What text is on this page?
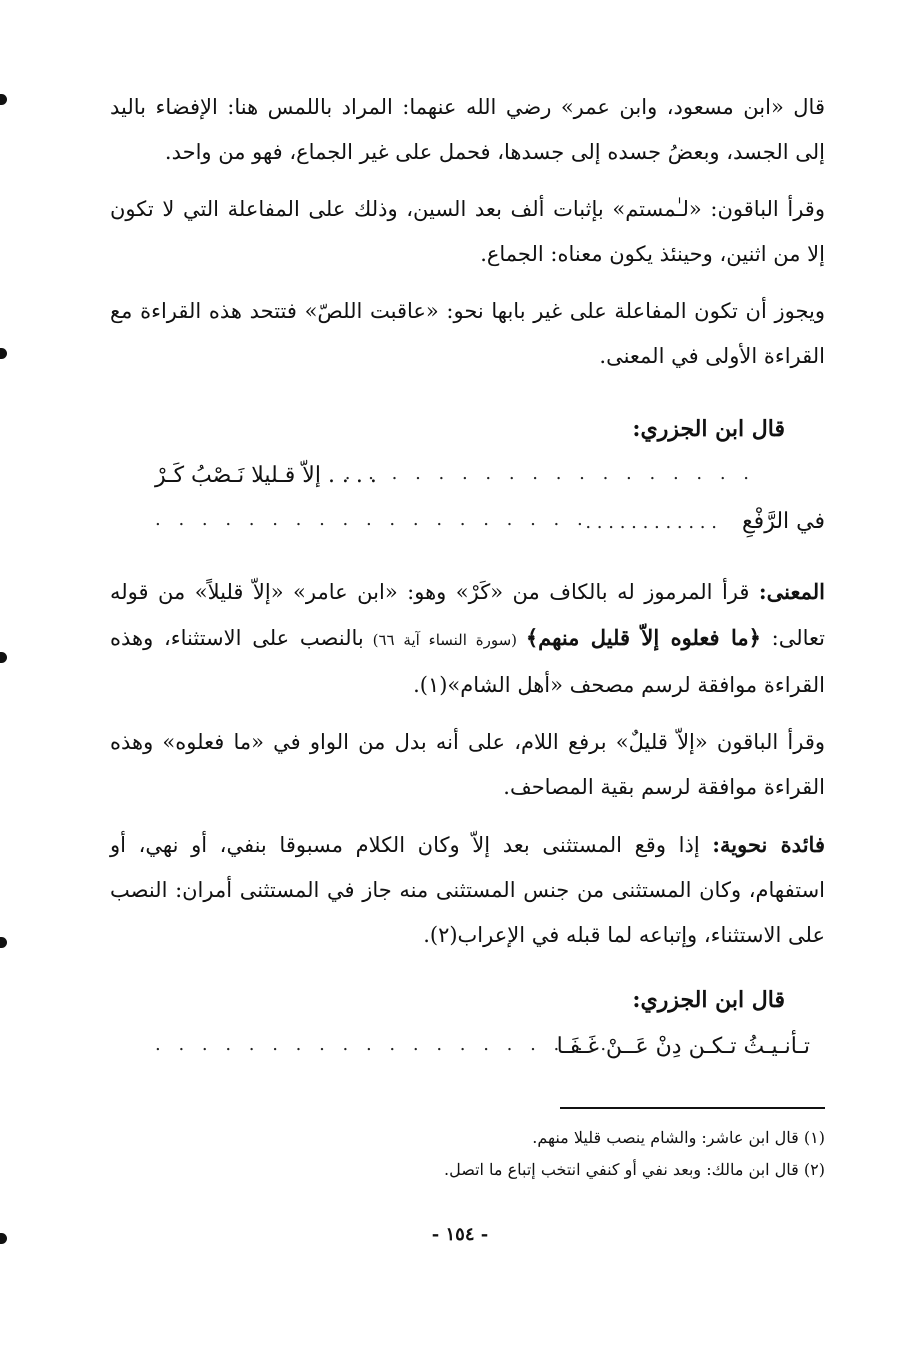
قال «ابن مسعود، وابن عمر» رضي الله عنهما: المراد باللمس هنا: الإفضاء باليد إلى الجسد، وبعضُ جسده إلى جسدها، فحمل على غير الجماع، فهو من واحد.

وقرأ الباقون: «لـٰمستم» بإثبات ألف بعد السين، وذلك على المفاعلة التي لا تكون إلا من اثنين، وحينئذ يكون معناه: الجماع.

ويجوز أن تكون المفاعلة على غير بابها نحو: «عاقبت اللصّ» فتتحد هذه القراءة مع القراءة الأولى في المعنى.

قال ابن الجزري:
. . . . . . . . . . . . . . . . . .
. . . . إلاّ قـليلا نَـصْبُ كَـرْ
في الرَّفْعِ . . . . . . . . . . . .
. . . . . . . . . . . . . . . . . . .

المعنى: قرأ المرموز له بالكاف من «كَرْ» وهو: «ابن عامر» «إلاّ قليلاً» من قوله تعالى: ﴿ما فعلوه إلاّ قليل منهم﴾ (سورة النساء آية ٦٦) بالنصب على الاستثناء، وهذه القراءة موافقة لرسم مصحف «أهل الشام»(١).

وقرأ الباقون «إلاّ قليلٌ» برفع اللام، على أنه بدل من الواو في «ما فعلوه» وهذه القراءة موافقة لرسم بقية المصاحف.

فائدة نحوية: إذا وقع المستثنى بعد إلاّ وكان الكلام مسبوقا بنفي، أو نهي، أو استفهام، وكان المستثنى من جنس المستثنى منه جاز في المستثنى أمران: النصب على الاستثناء، وإتباعه لما قبله في الإعراب(٢).

قال ابن الجزري:
تـأنـيـثُ تـكـن دِنْ عَــنْ غَـفَـا
. . . . . . . . . . . . . . . . . . . .
(١) قال ابن عاشر: والشام ينصب قليلا منهم.
(٢) قال ابن مالك: وبعد نفي أو كنفي انتخب إتباع ما اتصل.
- ١٥٤ -
